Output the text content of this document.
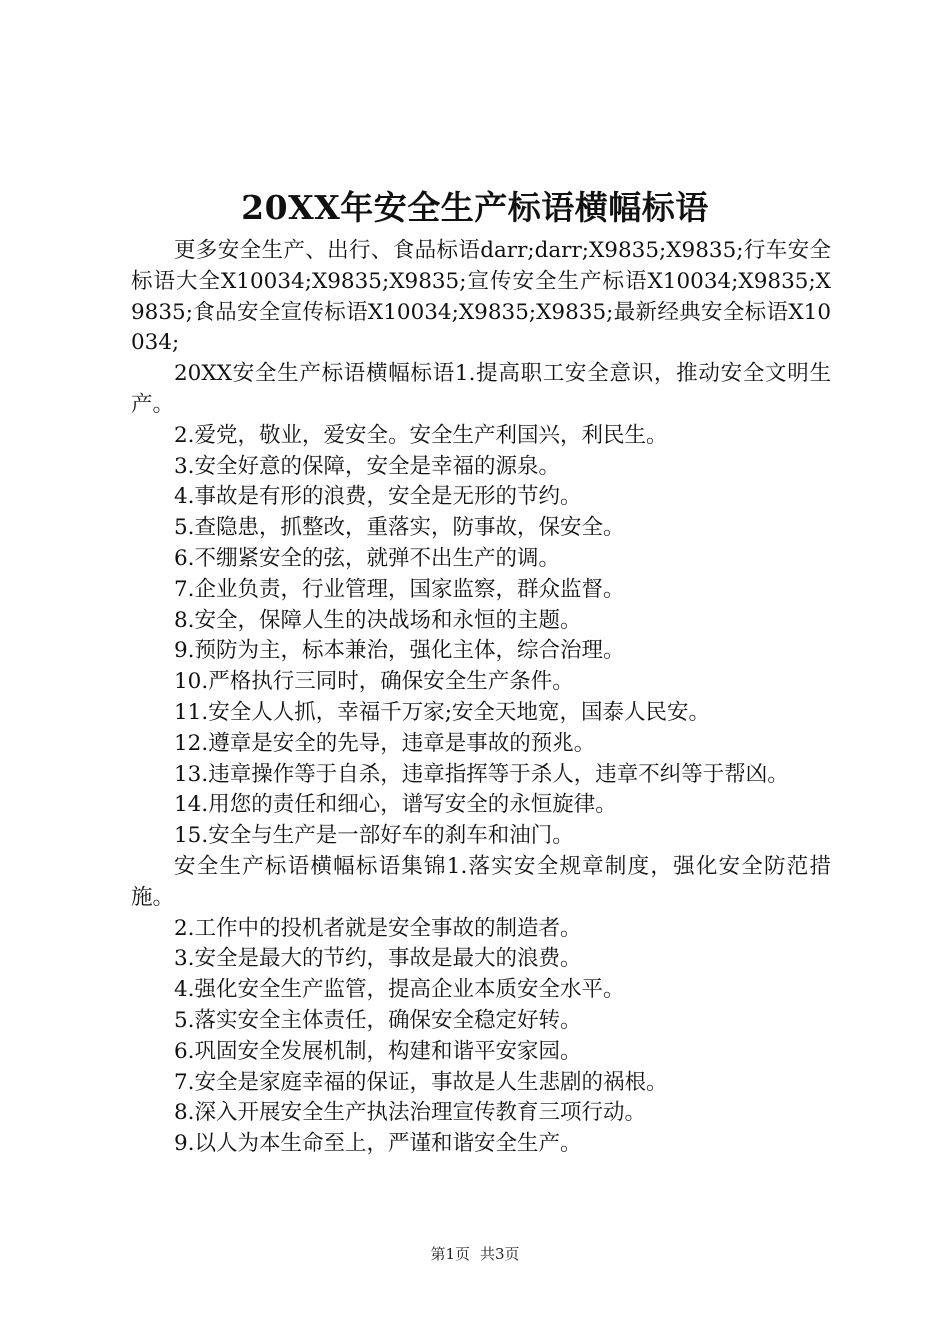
20XX年安全生产标语横幅标语

更多安全生产、出行、食品标语darr;darr;X9835;X9835;行车安全标语大全X10034;X9835;X9835;宣传安全生产标语X10034;X9835;X9835;食品安全宣传标语X10034;X9835;X9835;最新经典安全标语X10034;

20XX安全生产标语横幅标语1.提高职工安全意识，推动安全文明生产。

2.爱党，敬业，爱安全。安全生产利国兴，利民生。

3.安全好意的保障，安全是幸福的源泉。

4.事故是有形的浪费，安全是无形的节约。

5.查隐患，抓整改，重落实，防事故，保安全。

6.不绷紧安全的弦，就弹不出生产的调。

7.企业负责，行业管理，国家监察，群众监督。

8.安全，保障人生的决战场和永恒的主题。

9.预防为主，标本兼治，强化主体，综合治理。

10.严格执行三同时，确保安全生产条件。

11.安全人人抓，幸福千万家;安全天地宽，国泰人民安。

12.遵章是安全的先导，违章是事故的预兆。

13.违章操作等于自杀，违章指挥等于杀人，违章不纠等于帮凶。

14.用您的责任和细心，谱写安全的永恒旋律。

15.安全与生产是一部好车的刹车和油门。

安全生产标语横幅标语集锦1.落实安全规章制度，强化安全防范措施。

2.工作中的投机者就是安全事故的制造者。

3.安全是最大的节约，事故是最大的浪费。

4.强化安全生产监管，提高企业本质安全水平。

5.落实安全主体责任，确保安全稳定好转。

6.巩固安全发展机制，构建和谐平安家园。

7.安全是家庭幸福的保证，事故是人生悲剧的祸根。

8.深入开展安全生产执法治理宣传教育三项行动。

9.以人为本生命至上，严谨和谐安全生产。

第1页 共3页
